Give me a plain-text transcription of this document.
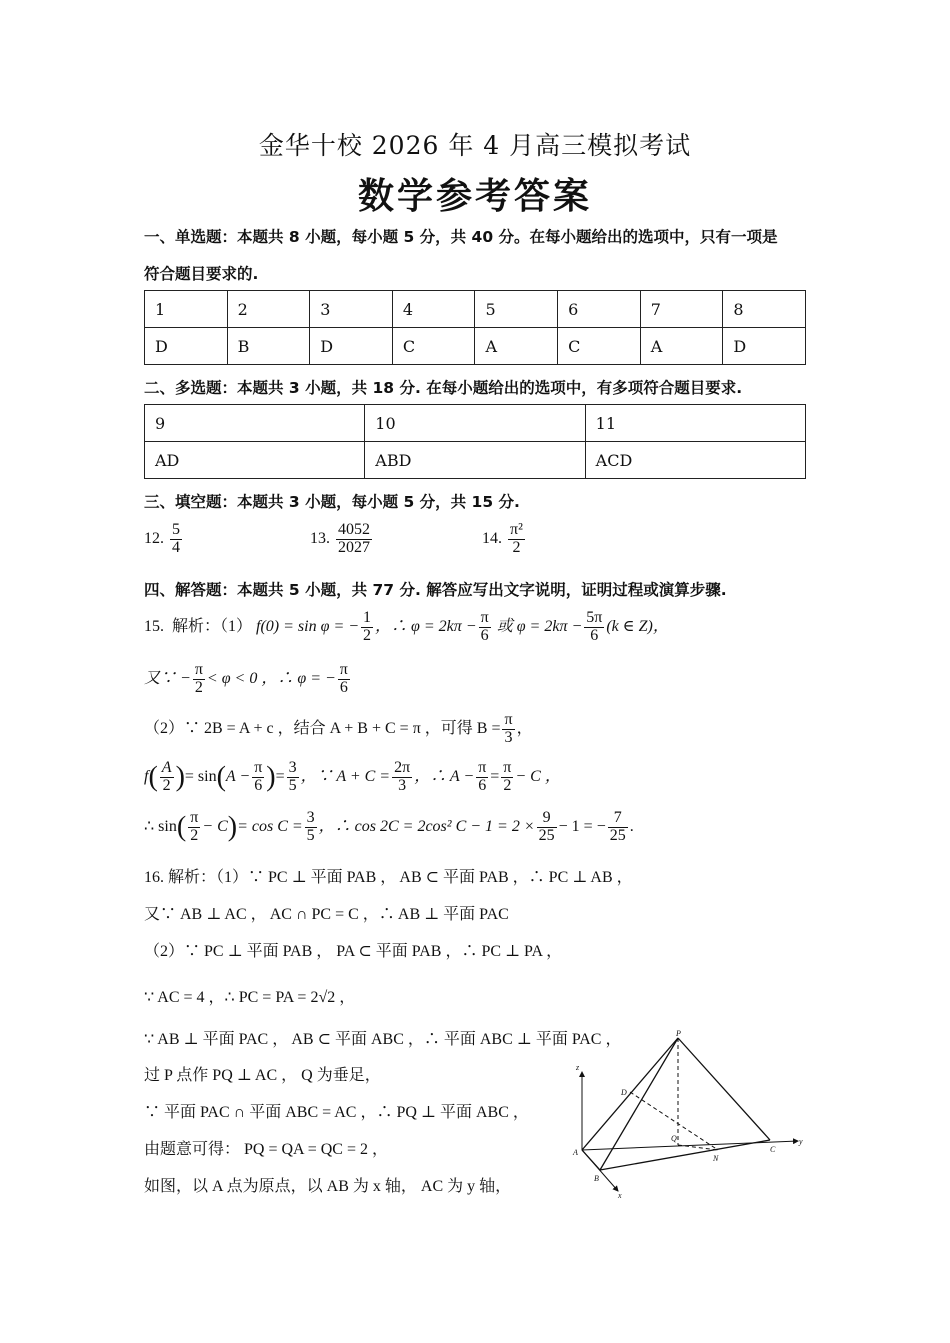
金华十校 2026 年 4 月高三模拟考试
数学参考答案
一、单选题：本题共 8 小题，每小题 5 分，共 40 分。在每小题给出的选项中，只有一项是
符合题目要求的.
1	2	3	4	5	6	7	8
D	B	D	C	A	C	A	D
二、多选题：本题共 3 小题，共 18 分. 在每小题给出的选项中，有多项符合题目要求.
9	10	11
AD	ABD	ACD
三、填空题：本题共 3 小题，每小题 5 分，共 15 分.
12. $\frac{5}{4}$	13. $\frac{4052}{2027}$	14. $\frac{\text{π²}}{2}$
四、解答题：本题共 5 小题，共 77 分. 解答应写出文字说明，证明过程或演算步骤.
15. 解析：（1） f(0) = sin φ = − $\frac{1}{2}$ ，∴ $\varphi = 2k\pi - \frac{\pi}{6}$ 或 $\varphi = 2k\pi - \frac{5\pi}{6} (k$ ∈ Z)，
又∵ − $\frac{\pi}{2} < \varphi < 0$ ，∴ φ = − $\frac{\pi}{6}$
（2）∵ 2B = A + c ，结合 A + B + C = π ，可得 $B = \frac{\pi}{3}$ ，
$f( \frac{A}{2}$ )= $\sin(A - \frac{\pi}{6}$ )= $\frac{3}{5}$ ，∵ $A + C = \frac{2\pi}{3}$ ，∴ $A - \frac{\pi}{6} = \frac{\pi}{2} - C$ ，
∴ $\sin( \frac{\pi}{2} - C)= \cos C = \frac{3}{5}$ ，∴ cos 2C = 2cos² $C - 1 = 2 \times \frac{9}{25} - 1$ = − $\frac{7}{25}$ .
16. 解析：（1）∵ PC ⊥ 平面 PAB ， AB ⊂ 平面 PAB ，∴ PC ⊥ AB ，
又∵ AB ⊥ AC ， AC ∩ PC = C ，∴ AB ⊥ 平面 PAC
（2）∵ PC ⊥ 平面 PAB ， PA ⊂ 平面 PAB ，∴ PC ⊥ PA ，
∵ AC = 4 ，∴ PC = PA = 2√2 ，
∵ AB ⊥ 平面 PAC ， AB ⊂ 平面 ABC ，∴ 平面 ABC ⊥ 平面 PAC ，
过 P 点作 PQ ⊥ AC ， Q 为垂足，
∵ 平面 PAC ∩ 平面 ABC = AC ，∴ PQ ⊥ 平面 ABC ，
由题意可得： PQ = QA = QC = 2 ，
如图，以 A 点为原点，以 AB 为 x 轴， AC 为 y 轴，
P
D
Q
A
B
N
C
z
y
x
